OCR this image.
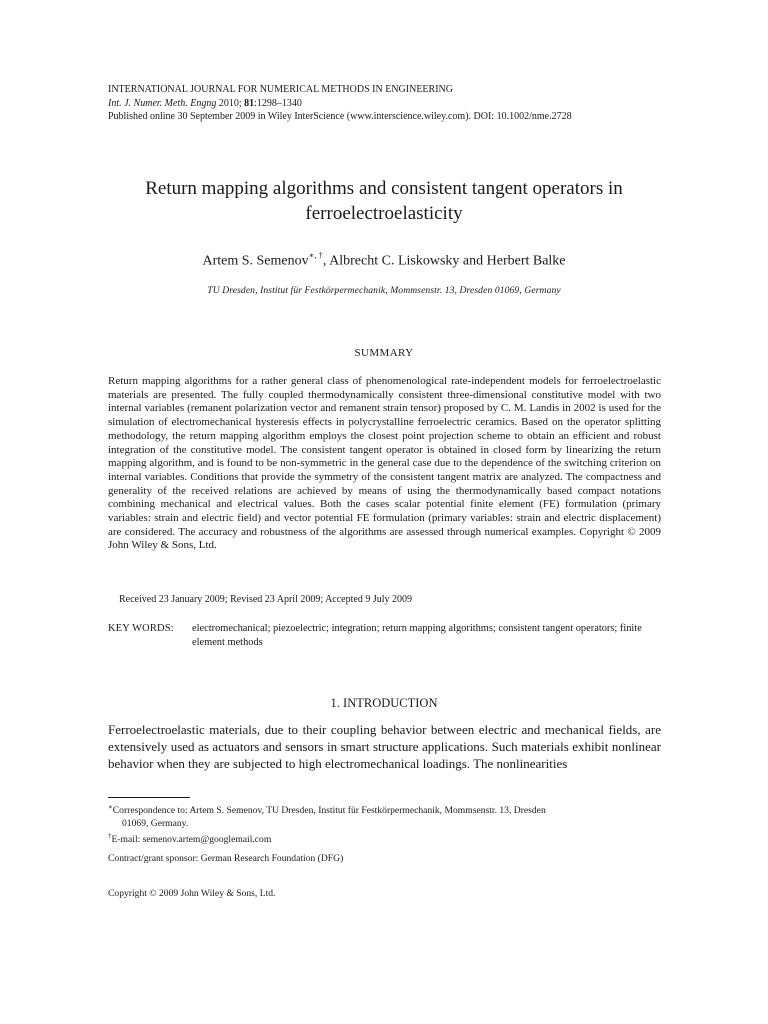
INTERNATIONAL JOURNAL FOR NUMERICAL METHODS IN ENGINEERING
Int. J. Numer. Meth. Engng 2010; 81:1298–1340
Published online 30 September 2009 in Wiley InterScience (www.interscience.wiley.com). DOI: 10.1002/nme.2728
Return mapping algorithms and consistent tangent operators in
ferroelectroelasticity
Artem S. Semenov∗, †, Albrecht C. Liskowsky and Herbert Balke
TU Dresden, Institut für Festkörpermechanik, Mommsenstr. 13, Dresden 01069, Germany
SUMMARY
Return mapping algorithms for a rather general class of phenomenological rate-independent models for ferroelectroelastic materials are presented. The fully coupled thermodynamically consistent three-dimensional constitutive model with two internal variables (remanent polarization vector and remanent strain tensor) proposed by C. M. Landis in 2002 is used for the simulation of electromechanical hysteresis effects in polycrystalline ferroelectric ceramics. Based on the operator splitting methodology, the return mapping algorithm employs the closest point projection scheme to obtain an efficient and robust integration of the constitutive model. The consistent tangent operator is obtained in closed form by linearizing the return mapping algorithm, and is found to be non-symmetric in the general case due to the dependence of the switching criterion on internal variables. Conditions that provide the symmetry of the consistent tangent matrix are analyzed. The compactness and generality of the received relations are achieved by means of using the thermodynamically based compact notations combining mechanical and electrical values. Both the cases scalar potential finite element (FE) formulation (primary variables: strain and electric field) and vector potential FE formulation (primary variables: strain and electric displacement) are considered. The accuracy and robustness of the algorithms are assessed through numerical examples. Copyright © 2009 John Wiley & Sons, Ltd.
Received 23 January 2009; Revised 23 April 2009; Accepted 9 July 2009
KEY WORDS:	electromechanical; piezoelectric; integration; return mapping algorithms; consistent tangent operators; finite element methods
1. INTRODUCTION
Ferroelectroelastic materials, due to their coupling behavior between electric and mechanical fields, are extensively used as actuators and sensors in smart structure applications. Such materials exhibit nonlinear behavior when they are subjected to high electromechanical loadings. The nonlinearities

∗Correspondence to: Artem S. Semenov, TU Dresden, Institut für Festkörpermechanik, Mommsenstr. 13, Dresden

01069, Germany.

†E-mail: semenov.artem@googlemail.com

Contract/grant sponsor: German Research Foundation (DFG)
Copyright © 2009 John Wiley & Sons, Ltd.
